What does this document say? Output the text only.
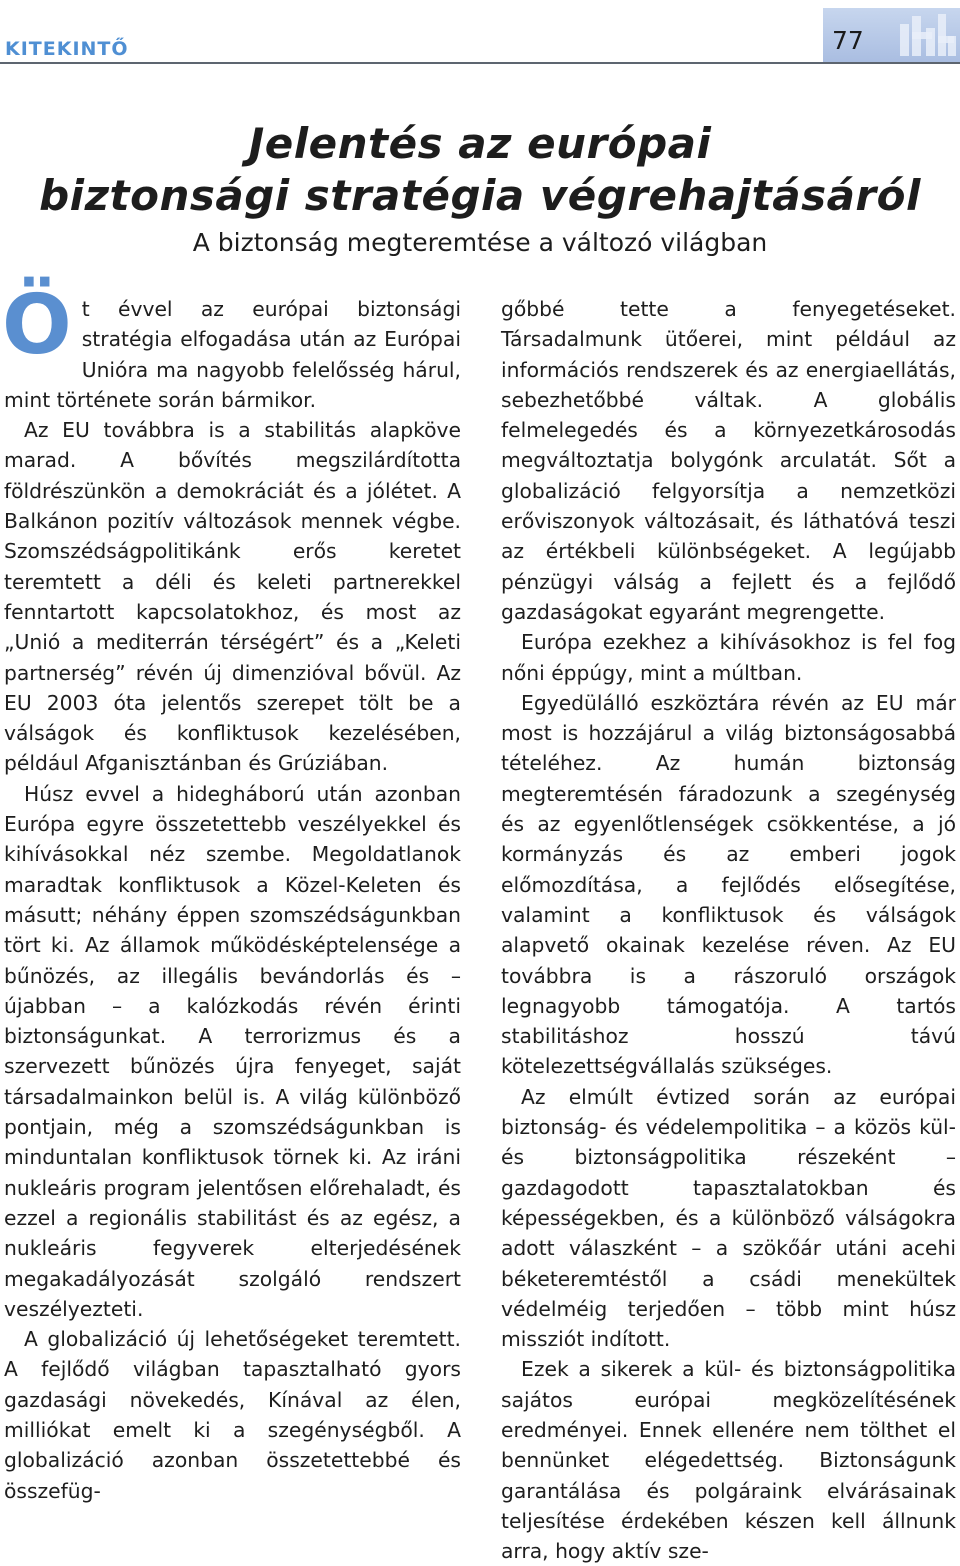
KITEKINTŐ	77
Jelentés az európai
biztonsági stratégia végrehajtásáról
A biztonság megteremtése a változó világban

Öt évvel az európai biztonsági stratégia elfogadása után az Európai Unióra ma nagyobb felelősség hárul, mint története során bármikor.

Az EU továbbra is a stabilitás alapköve marad. A bővítés megszilárdította földrészünkön a demokráciát és a jólétet. A Balkánon pozitív változások mennek végbe. Szomszédságpolitikánk erős keretet teremtett a déli és keleti partnerekkel fenntartott kapcsolatokhoz, és most az „Unió a mediterrán térségért” és a „Keleti partnerség” révén új dimenzióval bővül. Az EU 2003 óta jelentős szerepet tölt be a válságok és konfliktusok kezelésében, például Afganisztánban és Grúziában.

Húsz evvel a hidegháború után azonban Európa egyre összetettebb veszélyekkel és kihívásokkal néz szembe. Megoldatlanok maradtak konfliktusok a Közel-Keleten és másutt; néhány éppen szomszédságunkban tört ki. Az államok működésképtelensége a bűnözés, az illegális bevándorlás és – újabban – a kalózkodás révén érinti biztonságunkat. A terrorizmus és a szervezett bűnözés újra fenyeget, saját társadalmainkon belül is. A világ különböző pontjain, még a szomszédságunkban is minduntalan konfliktusok törnek ki. Az iráni nukleáris program jelentősen előrehaladt, és ezzel a regionális stabilitást és az egész, a nukleáris fegyverek elterjedésének megakadályozását szolgáló rendszert veszélyezteti.

A globalizáció új lehetőségeket teremtett. A fejlődő világban tapasztalható gyors gazdasági növekedés, Kínával az élen, milliókat emelt ki a szegénységből. A globalizáció azonban összetettebbé és összefüg-

gőbbé tette a fenyegetéseket. Társadalmunk ütőerei, mint például az információs rendszerek és az energiaellátás, sebezhetőbbé váltak. A globális felmelegedés és a környezetkárosodás megváltoztatja bolygónk arculatát. Sőt a globalizáció felgyorsítja a nemzetközi erőviszonyok változásait, és láthatóvá teszi az értékbeli különbségeket. A legújabb pénzügyi válság a fejlett és a fejlődő gazdaságokat egyaránt megrengette.

Európa ezekhez a kihívásokhoz is fel fog nőni éppúgy, mint a múltban.

Egyedülálló eszköztára révén az EU már most is hozzájárul a világ biztonságosabbá tételéhez. Az humán biztonság megteremtésén fáradozunk a szegénység és az egyenlőtlenségek csökkentése, a jó kormányzás és az emberi jogok előmozdítása, a fejlődés elősegítése, valamint a konfliktusok és válságok alapvető okainak kezelése réven. Az EU továbbra is a rászoruló országok legnagyobb támogatója. A tartós stabilitáshoz hosszú távú kötelezettségvállalás szükséges.

Az elmúlt évtized során az európai biztonság- és védelempolitika – a közös kül- és biztonságpolitika részeként – gazdagodott tapasztalatokban és képességekben, és a különböző válságokra adott válaszként – a szökőár utáni acehi béketeremtéstől a csádi menekültek védelméig terjedően – több mint húsz missziót indított.

Ezek a sikerek a kül- és biztonságpolitika sajátos európai megközelítésének eredményei. Ennek ellenére nem tölthet el bennünket elégedettség. Biztonságunk garantálása és polgáraink elvárásainak teljesítése érdekében készen kell állnunk arra, hogy aktív sze-
